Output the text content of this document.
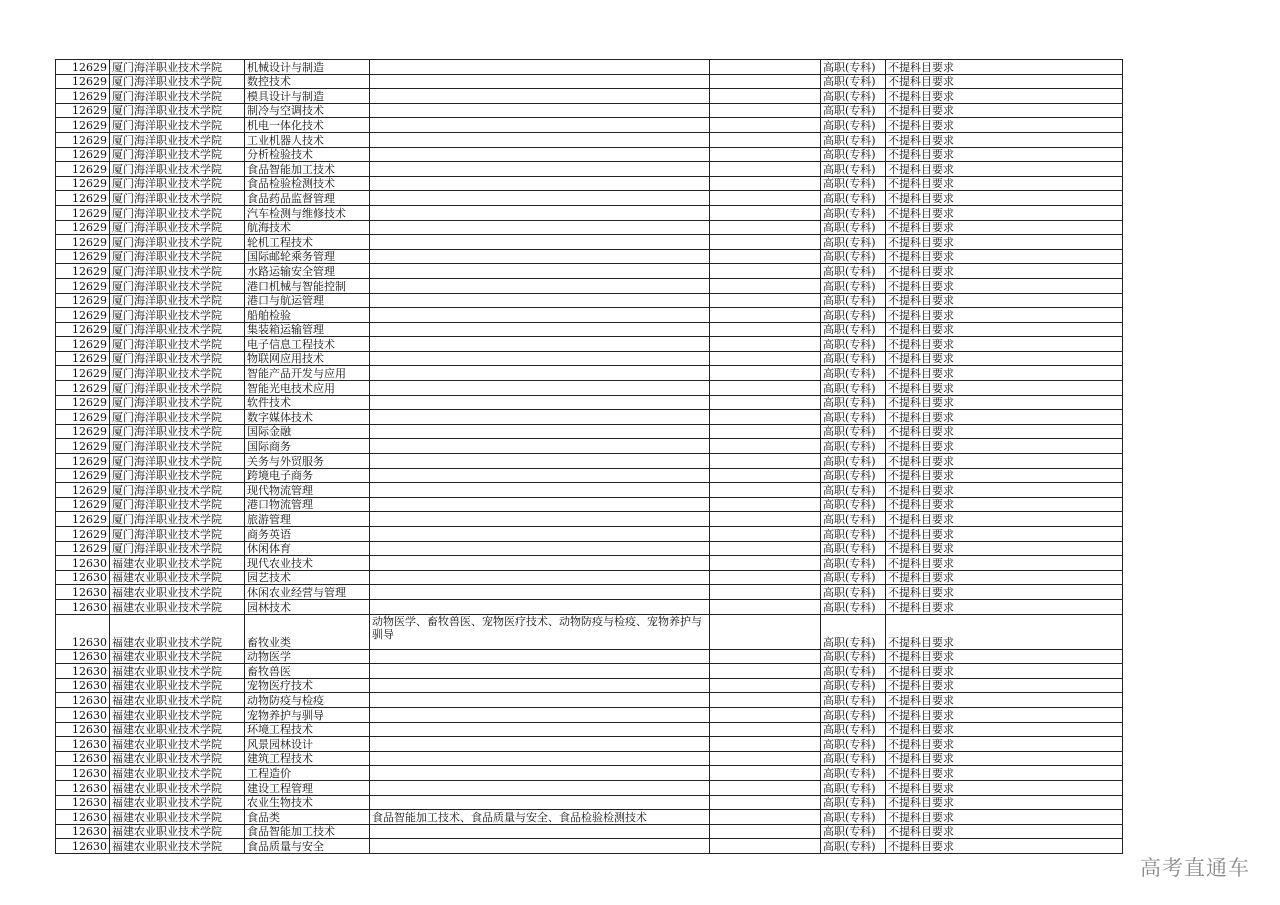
12629	厦门海洋职业技术学院	机械设计与制造			高职(专科)	不提科目要求
12629	厦门海洋职业技术学院	数控技术			高职(专科)	不提科目要求
12629	厦门海洋职业技术学院	模具设计与制造			高职(专科)	不提科目要求
12629	厦门海洋职业技术学院	制冷与空调技术			高职(专科)	不提科目要求
12629	厦门海洋职业技术学院	机电一体化技术			高职(专科)	不提科目要求
12629	厦门海洋职业技术学院	工业机器人技术			高职(专科)	不提科目要求
12629	厦门海洋职业技术学院	分析检验技术			高职(专科)	不提科目要求
12629	厦门海洋职业技术学院	食品智能加工技术			高职(专科)	不提科目要求
12629	厦门海洋职业技术学院	食品检验检测技术			高职(专科)	不提科目要求
12629	厦门海洋职业技术学院	食品药品监督管理			高职(专科)	不提科目要求
12629	厦门海洋职业技术学院	汽车检测与维修技术			高职(专科)	不提科目要求
12629	厦门海洋职业技术学院	航海技术			高职(专科)	不提科目要求
12629	厦门海洋职业技术学院	轮机工程技术			高职(专科)	不提科目要求
12629	厦门海洋职业技术学院	国际邮轮乘务管理			高职(专科)	不提科目要求
12629	厦门海洋职业技术学院	水路运输安全管理			高职(专科)	不提科目要求
12629	厦门海洋职业技术学院	港口机械与智能控制			高职(专科)	不提科目要求
12629	厦门海洋职业技术学院	港口与航运管理			高职(专科)	不提科目要求
12629	厦门海洋职业技术学院	船舶检验			高职(专科)	不提科目要求
12629	厦门海洋职业技术学院	集装箱运输管理			高职(专科)	不提科目要求
12629	厦门海洋职业技术学院	电子信息工程技术			高职(专科)	不提科目要求
12629	厦门海洋职业技术学院	物联网应用技术			高职(专科)	不提科目要求
12629	厦门海洋职业技术学院	智能产品开发与应用			高职(专科)	不提科目要求
12629	厦门海洋职业技术学院	智能光电技术应用			高职(专科)	不提科目要求
12629	厦门海洋职业技术学院	软件技术			高职(专科)	不提科目要求
12629	厦门海洋职业技术学院	数字媒体技术			高职(专科)	不提科目要求
12629	厦门海洋职业技术学院	国际金融			高职(专科)	不提科目要求
12629	厦门海洋职业技术学院	国际商务			高职(专科)	不提科目要求
12629	厦门海洋职业技术学院	关务与外贸服务			高职(专科)	不提科目要求
12629	厦门海洋职业技术学院	跨境电子商务			高职(专科)	不提科目要求
12629	厦门海洋职业技术学院	现代物流管理			高职(专科)	不提科目要求
12629	厦门海洋职业技术学院	港口物流管理			高职(专科)	不提科目要求
12629	厦门海洋职业技术学院	旅游管理			高职(专科)	不提科目要求
12629	厦门海洋职业技术学院	商务英语			高职(专科)	不提科目要求
12629	厦门海洋职业技术学院	休闲体育			高职(专科)	不提科目要求
12630	福建农业职业技术学院	现代农业技术			高职(专科)	不提科目要求
12630	福建农业职业技术学院	园艺技术			高职(专科)	不提科目要求
12630	福建农业职业技术学院	休闲农业经营与管理			高职(专科)	不提科目要求
12630	福建农业职业技术学院	园林技术			高职(专科)	不提科目要求
12630	福建农业职业技术学院	畜牧业类	动物医学、畜牧兽医、宠物医疗技术、动物防疫与检疫、宠物养护与驯导		高职(专科)	不提科目要求
12630	福建农业职业技术学院	动物医学			高职(专科)	不提科目要求
12630	福建农业职业技术学院	畜牧兽医			高职(专科)	不提科目要求
12630	福建农业职业技术学院	宠物医疗技术			高职(专科)	不提科目要求
12630	福建农业职业技术学院	动物防疫与检疫			高职(专科)	不提科目要求
12630	福建农业职业技术学院	宠物养护与驯导			高职(专科)	不提科目要求
12630	福建农业职业技术学院	环境工程技术			高职(专科)	不提科目要求
12630	福建农业职业技术学院	风景园林设计			高职(专科)	不提科目要求
12630	福建农业职业技术学院	建筑工程技术			高职(专科)	不提科目要求
12630	福建农业职业技术学院	工程造价			高职(专科)	不提科目要求
12630	福建农业职业技术学院	建设工程管理			高职(专科)	不提科目要求
12630	福建农业职业技术学院	农业生物技术			高职(专科)	不提科目要求
12630	福建农业职业技术学院	食品类	食品智能加工技术、食品质量与安全、食品检验检测技术		高职(专科)	不提科目要求
12630	福建农业职业技术学院	食品智能加工技术			高职(专科)	不提科目要求
12630	福建农业职业技术学院	食品质量与安全			高职(专科)	不提科目要求
高考直通车
